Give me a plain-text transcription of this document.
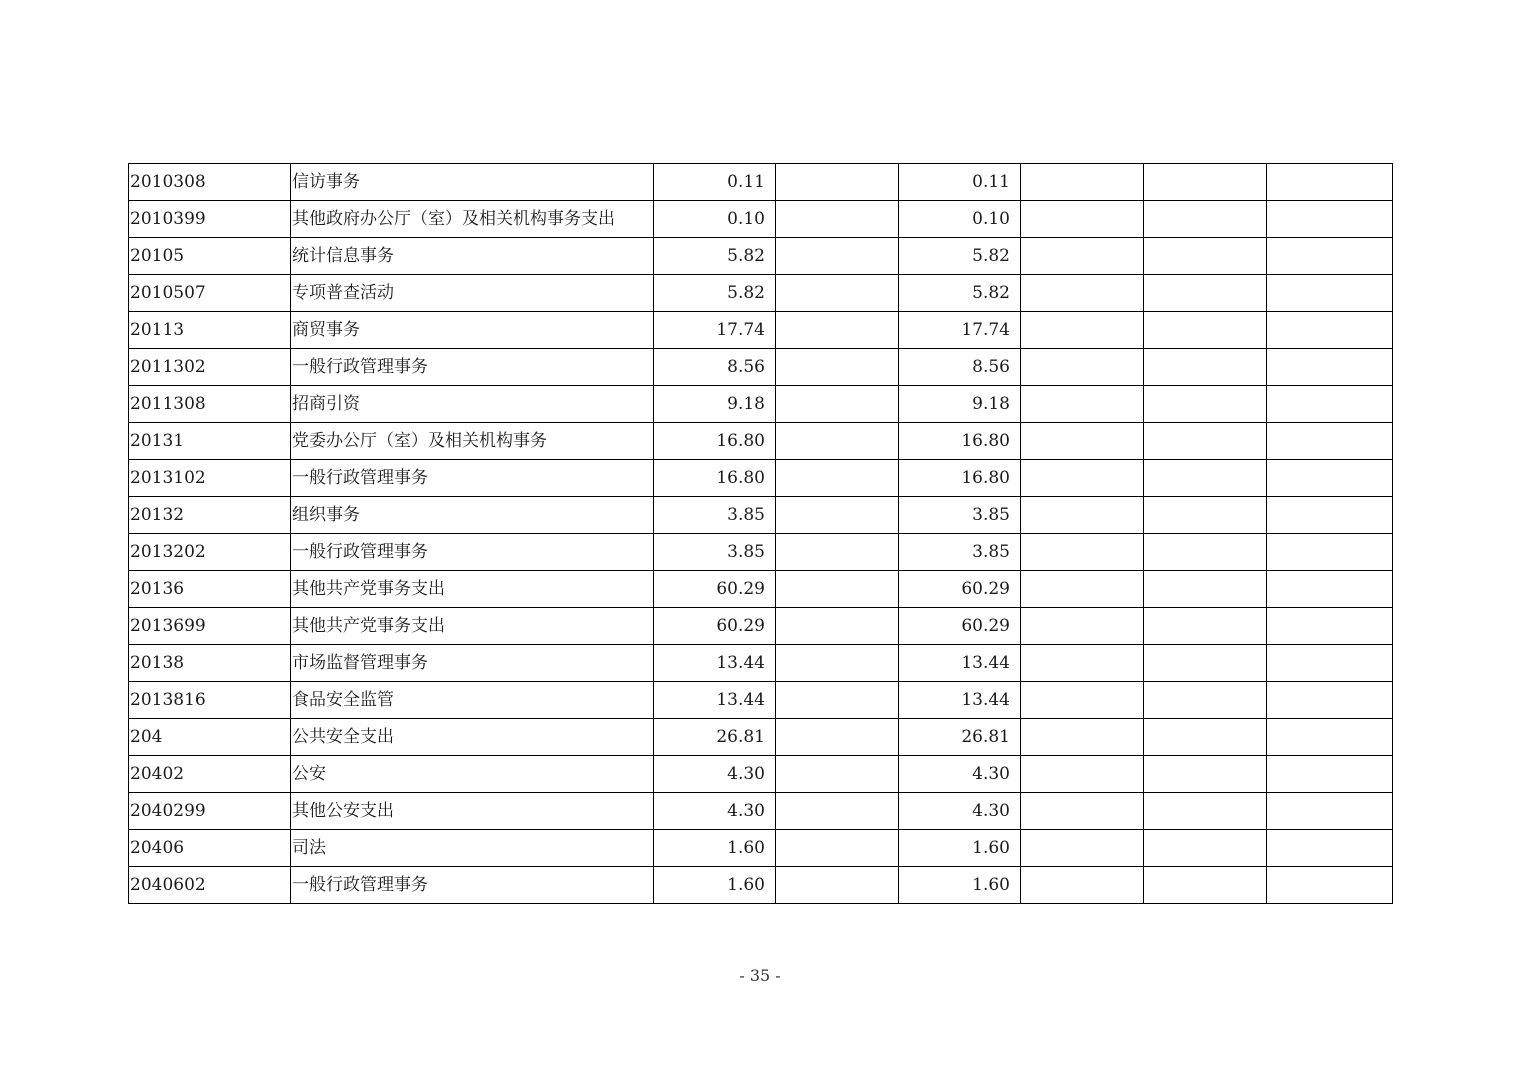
2010308	信访事务	0.11		0.11			
2010399	其他政府办公厅（室）及相关机构事务支出	0.10		0.10			
20105	统计信息事务	5.82		5.82			
2010507	专项普查活动	5.82		5.82			
20113	商贸事务	17.74		17.74			
2011302	一般行政管理事务	8.56		8.56			
2011308	招商引资	9.18		9.18			
20131	党委办公厅（室）及相关机构事务	16.80		16.80			
2013102	一般行政管理事务	16.80		16.80			
20132	组织事务	3.85		3.85			
2013202	一般行政管理事务	3.85		3.85			
20136	其他共产党事务支出	60.29		60.29			
2013699	其他共产党事务支出	60.29		60.29			
20138	市场监督管理事务	13.44		13.44			
2013816	食品安全监管	13.44		13.44			
204	公共安全支出	26.81		26.81			
20402	公安	4.30		4.30			
2040299	其他公安支出	4.30		4.30			
20406	司法	1.60		1.60			
2040602	一般行政管理事务	1.60		1.60			
- 35 -
